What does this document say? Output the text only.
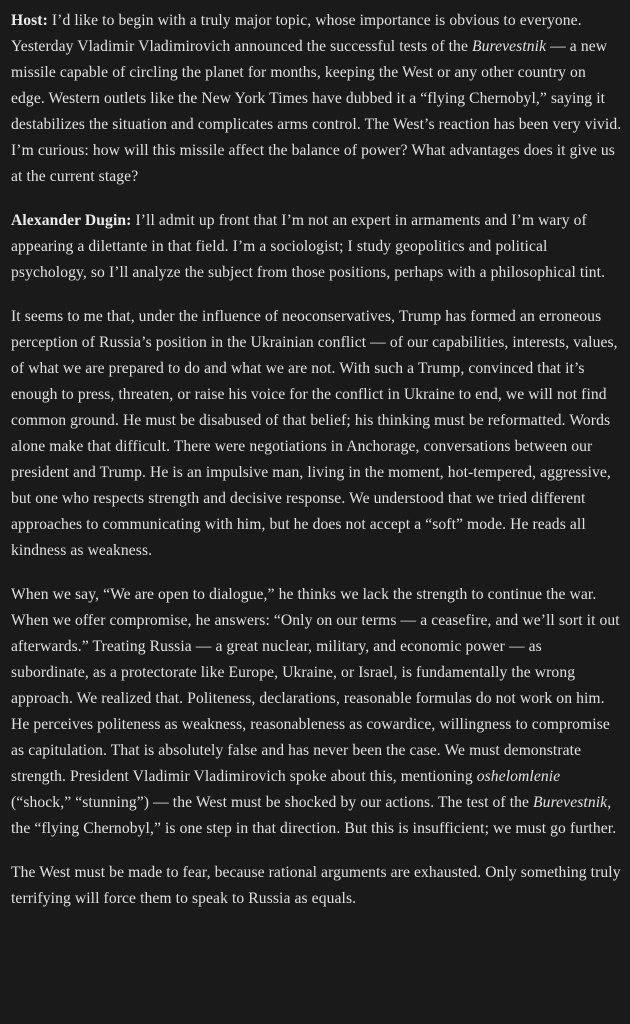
Host: I’d like to begin with a truly major topic, whose importance is obvious to everyone. Yesterday Vladimir Vladimirovich announced the successful tests of the Burevestnik — a new missile capable of circling the planet for months, keeping the West or any other country on edge. Western outlets like the New York Times have dubbed it a “flying Chernobyl,” saying it destabilizes the situation and complicates arms control. The West’s reaction has been very vivid. I’m curious: how will this missile affect the balance of power? What advantages does it give us at the current stage?

Alexander Dugin: I’ll admit up front that I’m not an expert in armaments and I’m wary of appearing a dilettante in that field. I’m a sociologist; I study geopolitics and political psychology, so I’ll analyze the subject from those positions, perhaps with a philosophical tint.

It seems to me that, under the influence of neoconservatives, Trump has formed an erroneous perception of Russia’s position in the Ukrainian conflict — of our capabilities, interests, values, of what we are prepared to do and what we are not. With such a Trump, convinced that it’s enough to press, threaten, or raise his voice for the conflict in Ukraine to end, we will not find common ground. He must be disabused of that belief; his thinking must be reformatted. Words alone make that difficult. There were negotiations in Anchorage, conversations between our president and Trump. He is an impulsive man, living in the moment, hot-tempered, aggressive, but one who respects strength and decisive response. We understood that we tried different approaches to communicating with him, but he does not accept a “soft” mode. He reads all kindness as weakness.

When we say, “We are open to dialogue,” he thinks we lack the strength to continue the war. When we offer compromise, he answers: “Only on our terms — a ceasefire, and we’ll sort it out afterwards.” Treating Russia — a great nuclear, military, and economic power — as subordinate, as a protectorate like Europe, Ukraine, or Israel, is fundamentally the wrong approach. We realized that. Politeness, declarations, reasonable formulas do not work on him. He perceives politeness as weakness, reasonableness as cowardice, willingness to compromise as capitulation. That is absolutely false and has never been the case. We must demonstrate strength. President Vladimir Vladimirovich spoke about this, mentioning oshelomlenie (“shock,” “stunning”) — the West must be shocked by our actions. The test of the Burevestnik, the “flying Chernobyl,” is one step in that direction. But this is insufficient; we must go further.

The West must be made to fear, because rational arguments are exhausted. Only something truly terrifying will force them to speak to Russia as equals.
